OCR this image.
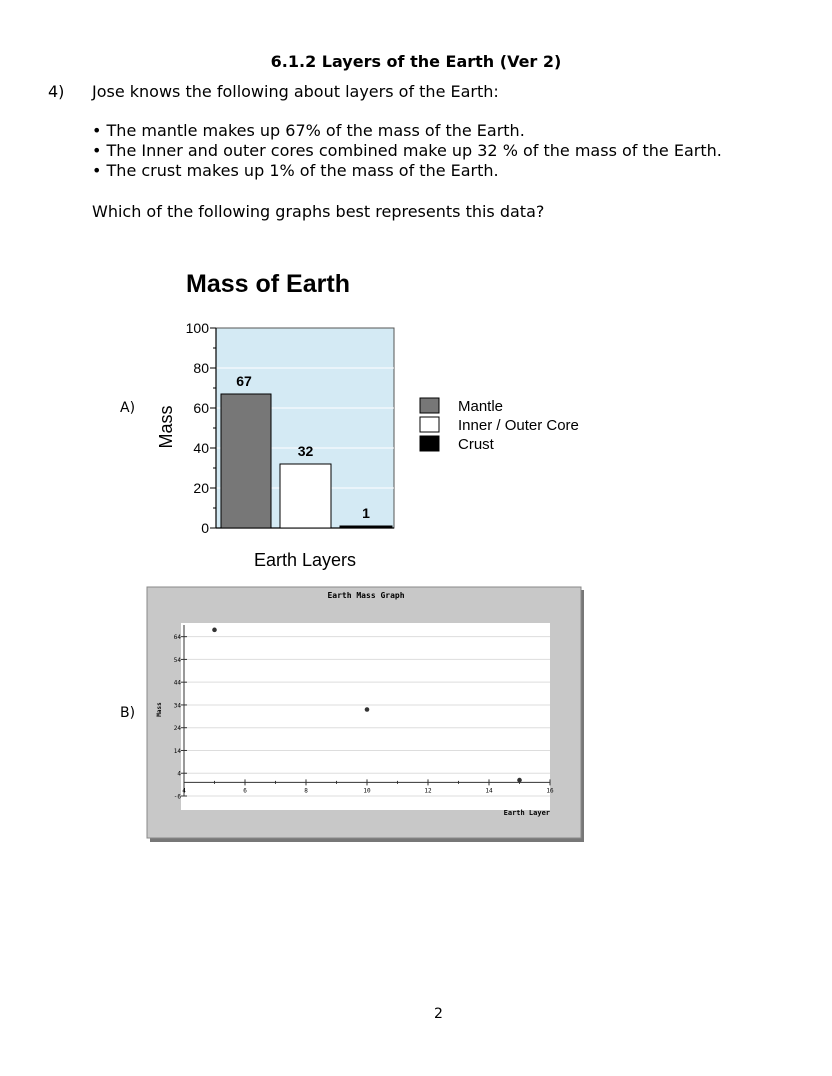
6.1.2 Layers of the Earth (Ver 2)
4) Jose knows the following about layers of the Earth:
• The mantle makes up 67% of the mass of the Earth.
• The Inner and outer cores combined make up 32 % of the mass of the Earth.
• The crust makes up 1% of the mass of the Earth.
Which of the following graphs best represents this data?
A)
B)
Mass of Earth
0
20
40
60
80
100
67
32
1
Earth Layers
Mass	Mantle
Inner / Outer Core
Crust
Earth Mass Graph
-6
4
14
24
34
44
54
64
4	6	8	10	12	14	16
Earth Layer
Mass
2
